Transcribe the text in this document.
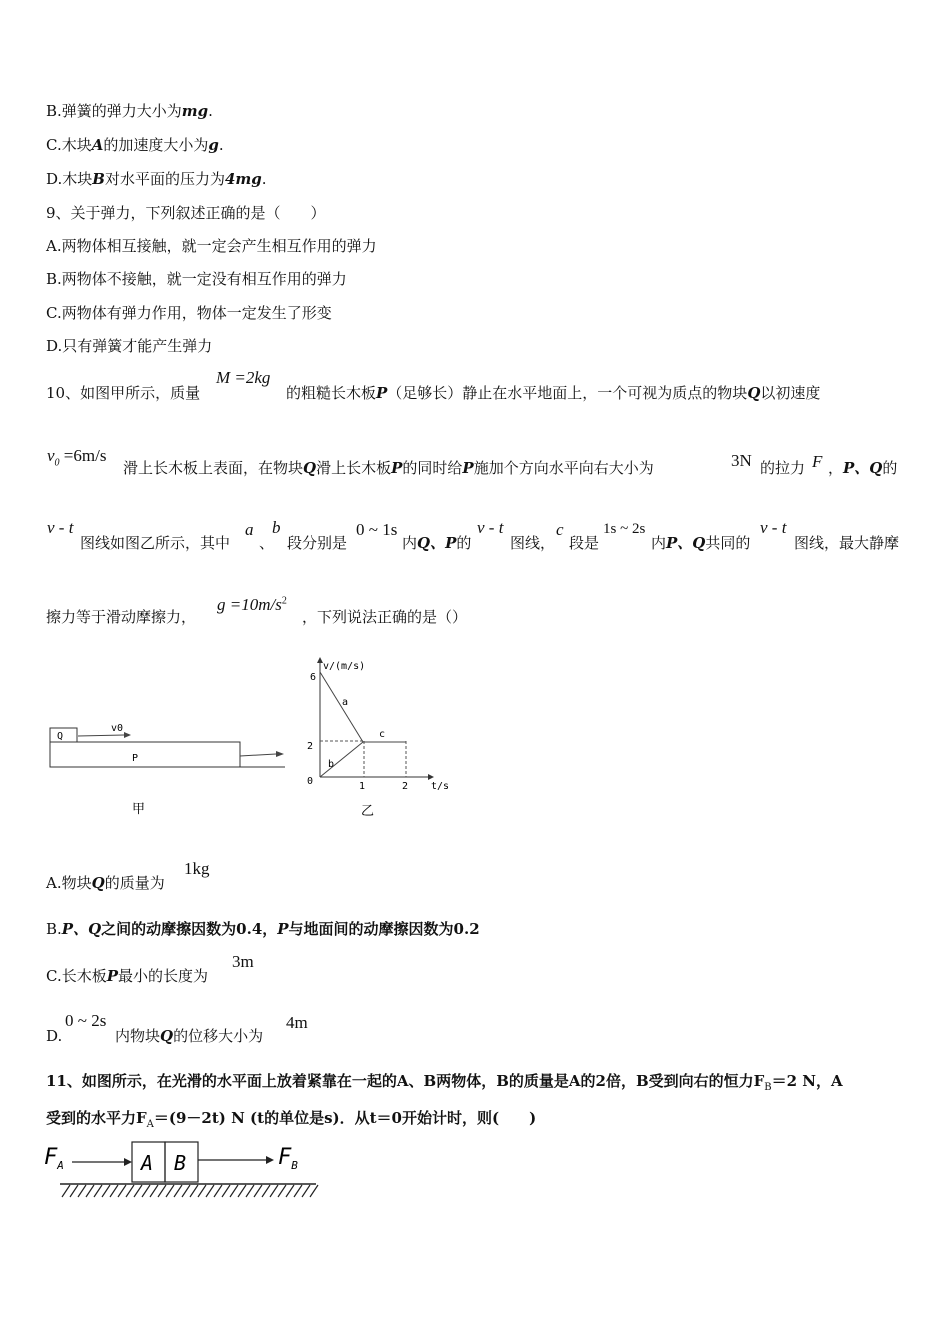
B.弹簧的弹力大小为mg.
C.木块A的加速度大小为g.
D.木块B对水平面的压力为4mg.
9、关于弹力，下列叙述正确的是（　　）
A.两物体相互接触，就一定会产生相互作用的弹力
B.两物体不接触，就一定没有相互作用的弹力
C.两物体有弹力作用，物体一定发生了形变
D.只有弹簧才能产生弹力
10、如图甲所示，质量
M =2kg
的粗糙长木板P（足够长）静止在水平地面上，一个可视为质点的物块Q以初速度
$v_0 =6m/s$
滑上长木板上表面，在物块Q滑上长木板P的同时给P施加个方向水平向右大小为	3N 的拉力 F ，P、Q的
v - t
图线如图乙所示，其中
a
、
b
段分别是
0 ~ 1s
内Q、P的
v - t
图线，
c
段是
1s ~ 2s
内P、Q共同的
v - t
图线，最大静摩
擦力等于滑动摩擦力，
$g =10m/s^2$
，下列说法正确的是（）
Q
v0
P
甲
v/(m/s)
t/s
6
2
0	1	2
a
b
c
乙
A.物块Q的质量为
1kg
B.P、Q之间的动摩擦因数为0.4，P与地面间的动摩擦因数为0.2
C.长木板P最小的长度为
3m
D.
0 ~ 2s
内物块Q的位移大小为
4m
11、如图所示，在光滑的水平面上放着紧靠在一起的A、B两物体，B的质量是A的2倍，B受到向右的恒力$F_B=2$ N，A
受到的水平力$F_A=(9-2t)$ N (t的单位是s)．从t＝0开始计时，则(　　)
$F_A$	A B	$F_B$
